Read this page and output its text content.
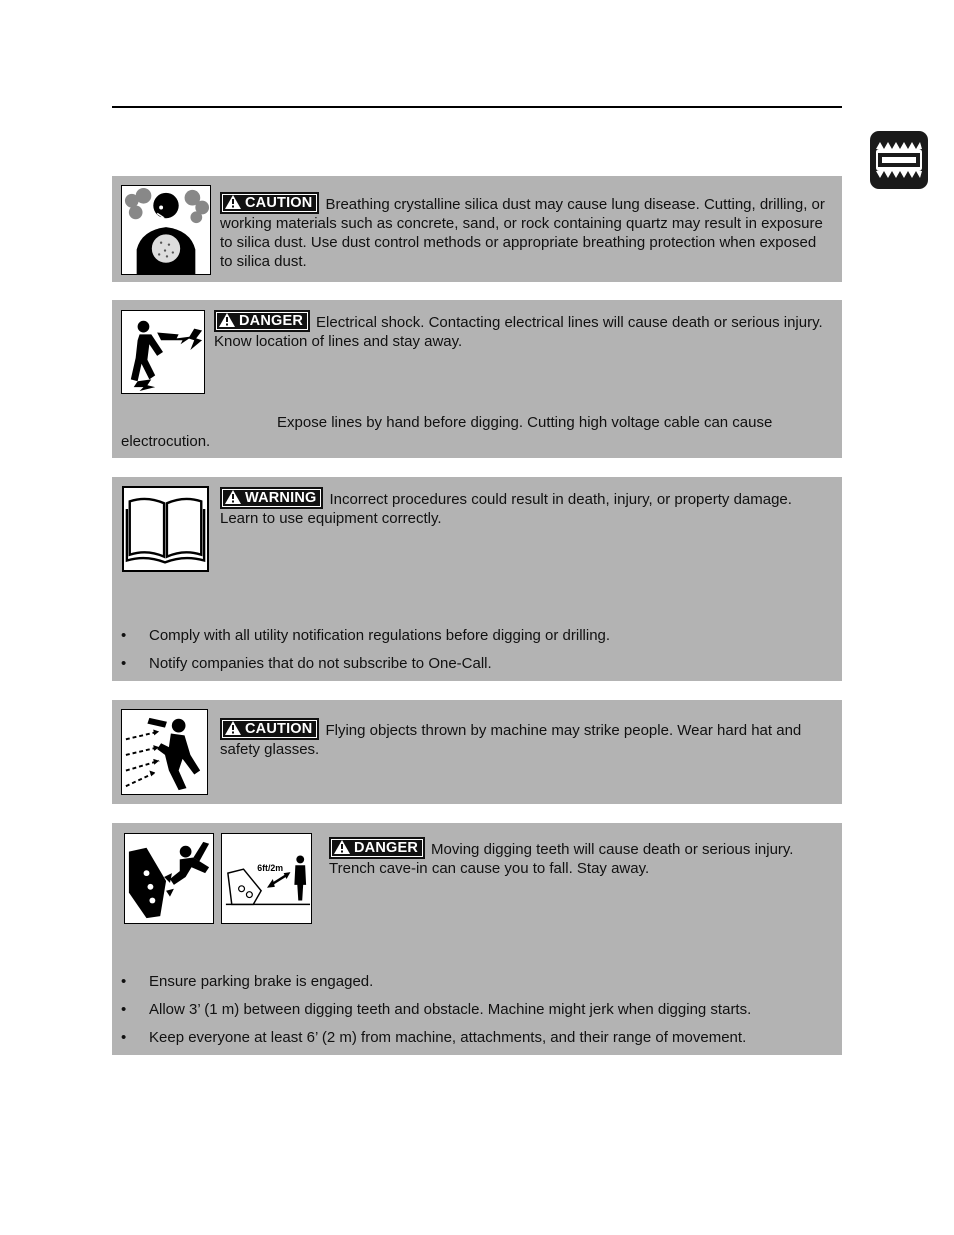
CAUTION Breathing crystalline silica dust may cause lung disease. Cutting, drilling, or working materials such as concrete, sand, or rock containing quartz may result in exposure to silica dust. Use dust control methods or appropriate breathing protection when exposed to silica dust.
DANGER Electrical shock. Contacting electrical lines will cause death or serious injury. Know location of lines and stay away.
Expose lines by hand before digging. Cutting high voltage cable can cause electrocution.
WARNING Incorrect procedures could result in death, injury, or property damage. Learn to use equipment correctly.
• Comply with all utility notification regulations before digging or drilling.
• Notify companies that do not subscribe to One-Call.
CAUTION Flying objects thrown by machine may strike people. Wear hard hat and safety glasses.
6ft/2m
DANGER Moving digging teeth will cause death or serious injury. Trench cave-in can cause you to fall. Stay away.
• Ensure parking brake is engaged.
• Allow 3’ (1 m) between digging teeth and obstacle. Machine might jerk when digging starts.
• Keep everyone at least 6’ (2 m) from machine, attachments, and their range of movement.
